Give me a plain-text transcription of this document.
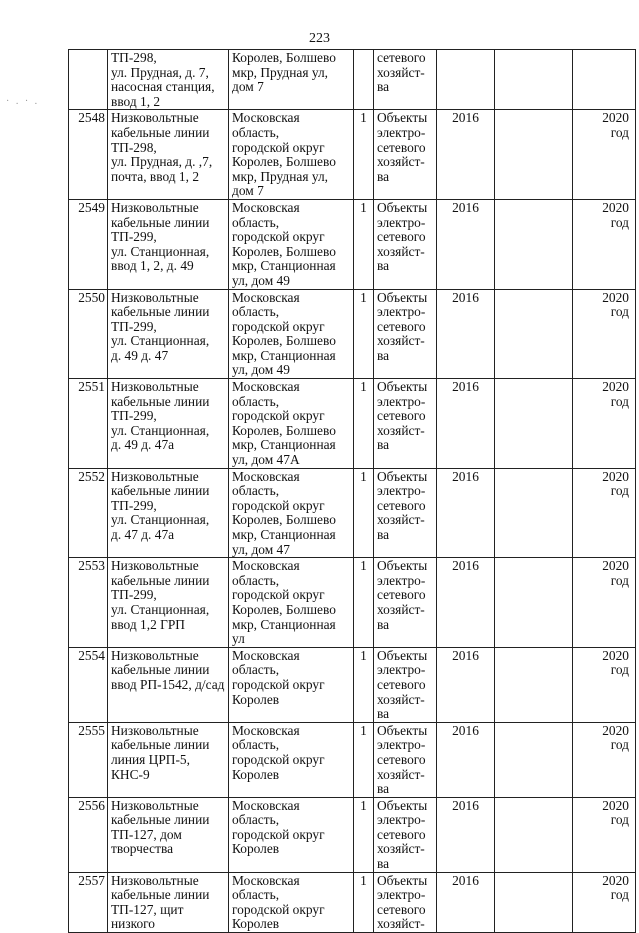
223
· . · .
	ТП-298,
ул. Прудная, д. 7,
насосная станция,
ввод 1, 2	Королев, Болшево
мкр, Прудная ул,
дом 7		сетевого
хозяйст-
ва			
2548	Низковольтные
кабельные линии
ТП-298,
ул. Прудная, д. ,7,
почта, ввод 1, 2	Московская область,
городской округ
Королев, Болшево
мкр, Прудная ул,
дом 7	1	Объекты
электро-
сетевого
хозяйст-
ва	2016		2020
год
2549	Низковольтные
кабельные линии
ТП-299,
ул. Станционная,
ввод 1, 2, д. 49	Московская область,
городской округ
Королев, Болшево
мкр, Станционная
ул, дом 49	1	Объекты
электро-
сетевого
хозяйст-
ва	2016		2020
год
2550	Низковольтные
кабельные линии
ТП-299,
ул. Станционная,
д. 49 д. 47	Московская область,
городской округ
Королев, Болшево
мкр, Станционная
ул, дом 49	1	Объекты
электро-
сетевого
хозяйст-
ва	2016		2020
год
2551	Низковольтные
кабельные линии
ТП-299,
ул. Станционная,
д. 49 д. 47а	Московская область,
городской округ
Королев, Болшево
мкр, Станционная
ул, дом 47А	1	Объекты
электро-
сетевого
хозяйст-
ва	2016		2020
год
2552	Низковольтные
кабельные линии
ТП-299,
ул. Станционная,
д. 47 д. 47а	Московская область,
городской округ
Королев, Болшево
мкр, Станционная
ул, дом 47	1	Объекты
электро-
сетевого
хозяйст-
ва	2016		2020
год
2553	Низковольтные
кабельные линии
ТП-299,
ул. Станционная,
ввод 1,2 ГРП	Московская область,
городской округ
Королев, Болшево
мкр, Станционная ул	1	Объекты
электро-
сетевого
хозяйст-
ва	2016		2020
год
2554	Низковольтные
кабельные линии
ввод РП-1542, д/сад	Московская область,
городской округ
Королев	1	Объекты
электро-
сетевого
хозяйст-
ва	2016		2020
год
2555	Низковольтные
кабельные линии
линия ЦРП-5,
КНС-9	Московская область,
городской округ
Королев	1	Объекты
электро-
сетевого
хозяйст-
ва	2016		2020
год
2556	Низковольтные
кабельные линии
ТП-127, дом
творчества	Московская область,
городской округ
Королев	1	Объекты
электро-
сетевого
хозяйст-
ва	2016		2020
год
2557	Низковольтные
кабельные линии
ТП-127, щит
низкого	Московская область,
городской округ
Королев	1	Объекты
электро-
сетевого
хозяйст-	2016		2020
год
